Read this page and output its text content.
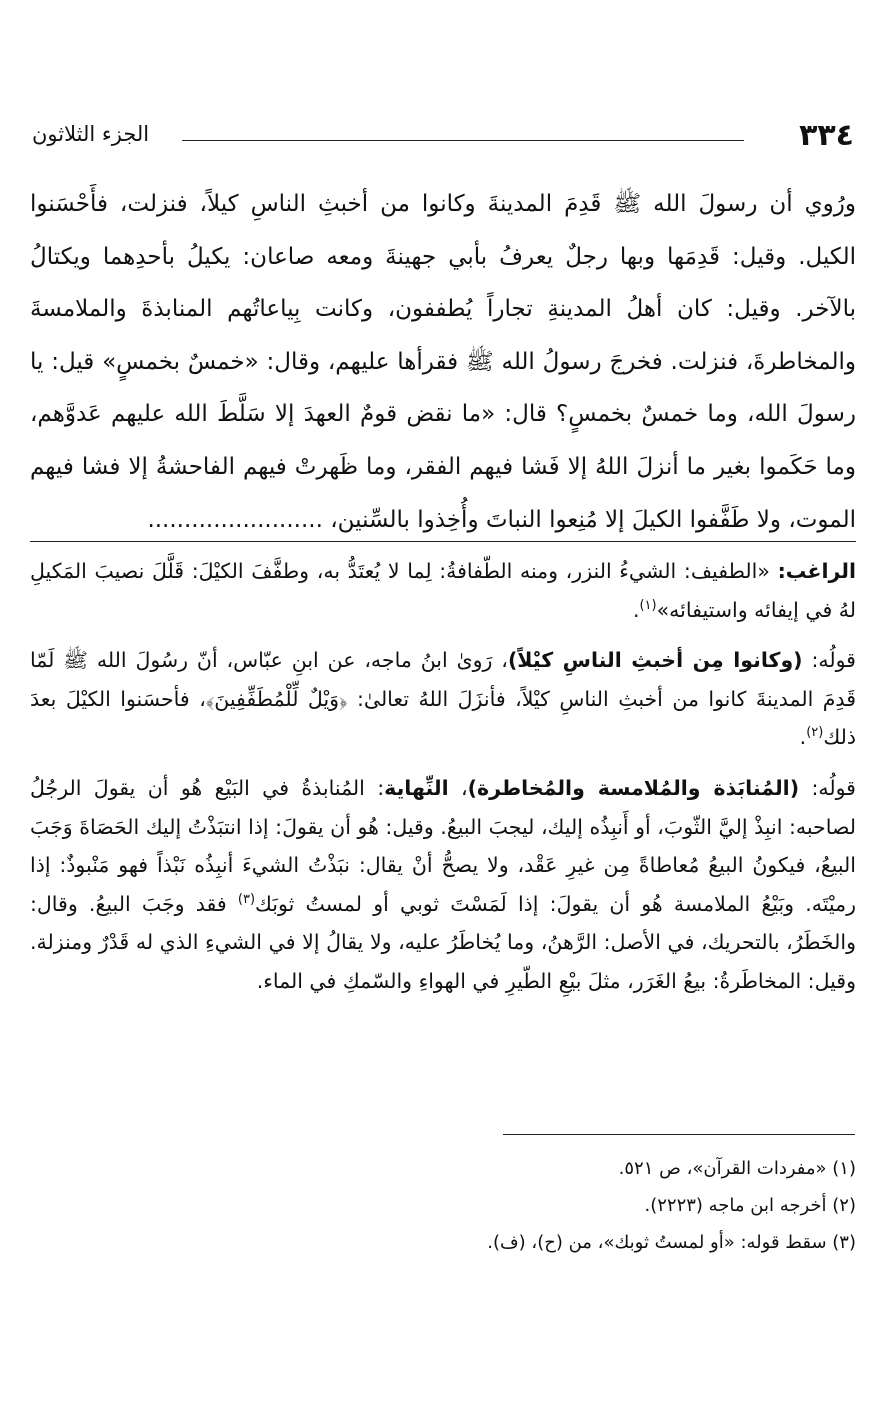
٣٣٤
الجزء الثلاثون

ورُوي أن رسولَ الله ﷺ قَدِمَ المدينةَ وكانوا من أخبثِ الناسِ كيلاً، فنزلت، فأَحْسَنوا الكيل. وقيل: قَدِمَها وبها رجلٌ يعرفُ بأبي جهينةَ ومعه صاعان: يكيلُ بأحدِهما ويكتالُ بالآخر. وقيل: كان أهلُ المدينةِ تجاراً يُطففون، وكانت بِياعاتُهم المنابذةَ والملامسةَ والمخاطرةَ، فنزلت. فخرجَ رسولُ الله ﷺ فقرأها عليهم، وقال: «خمسٌ بخمسٍ» قيل: يا رسولَ الله، وما خمسٌ بخمسٍ؟ قال: «ما نقض قومٌ العهدَ إلا سَلَّطَ الله عليهم عَدوَّهم، وما حَكَموا بغير ما أنزلَ اللهُ إلا فَشا فيهم الفقر، وما ظَهرتْ فيهم الفاحشةُ إلا فشا فيهم الموت، ولا طَفَّفوا الكيلَ إلا مُنِعوا النباتَ وأُخِذوا بالسِّنين، ........................

الراغب: «الطفيف: الشيءُ النزر، ومنه الطّفافةُ: لِما لا يُعتَدُّ به، وطفَّفَ الكيْلَ: قَلَّلَ نصيبَ المَكيلِ لهُ في إيفائه واستيفائه»$^{(١)}$.

قولُه: (وكانوا مِن أخبثِ الناسِ كيْلاً)، رَوىٰ ابنُ ماجه، عن ابنِ عبّاس، أنّ رسُولَ الله ﷺ لَمّا قَدِمَ المدينةَ كانوا من أخبثِ الناسِ كيْلاً، فأنزَلَ اللهُ تعالىٰ: ﴿وَيْلٌ لِّلْمُطَفِّفِينَ﴾، فأحسَنوا الكيْلَ بعدَ ذلك$^{(٢)}$.

قولُه: (المُنابَذة والمُلامسة والمُخاطرة)، النِّهاية: المُنابذةُ في البَيْع هُو أن يقولَ الرجُلُ لصاحبه: انبِذْ إليَّ الثّوبَ، أو أَنبِذُه إليك، ليجبَ البيعُ. وقيل: هُو أن يقولَ: إذا انتبَذْتُ إليك الحَصَاةَ وَجَبَ البيعُ، فيكونُ البيعُ مُعاطاةً مِن غيرِ عَقْد، ولا يصحُّ أنْ يقال: نبَذْتُ الشيءَ أنبِذُه نَبْذاً فهو مَنْبوذٌ: إذا رميْتَه. وبَيْعُ الملامسة هُو أن يقولَ: إذا لَمَسْتَ ثوبي أو لمستُ ثوبَك$^{(٣)}$ فقد وجَبَ البيعُ. وقال: والخَطَرُ، بالتحريك، في الأصل: الرَّهنُ، وما يُخاطَرُ عليه، ولا يقالُ إلا في الشيءِ الذي له قَدْرٌ ومنزلة. وقيل: المخاطَرةُ: بيعُ الغَرَر، مثلَ بيْعِ الطّيرِ في الهواءِ والسّمكِ في الماء.

(١) «مفردات القرآن»، ص ٥٢١.

(٢) أخرجه ابن ماجه (٢٢٢٣).

(٣) سقط قوله: «أو لمستُ ثوبك»، من (ح)، (ف).
